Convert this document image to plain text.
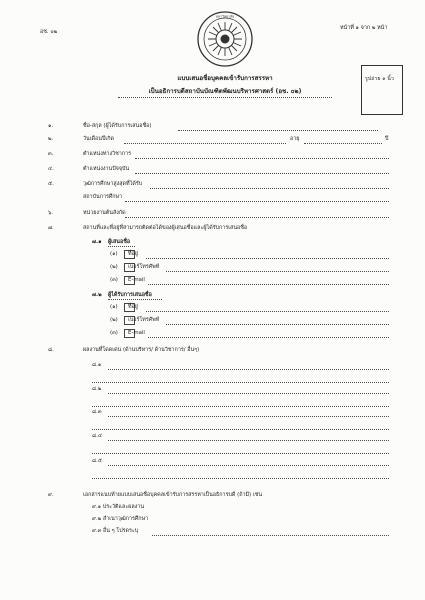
อช. ๐๒
หน้าที่ ๑ จาก ๒ หน้า
มหาวิทยาลัย
แบบเสนอชื่อบุคคลเข้ารับการสรรหา
เป็นอธิการบดีสถาบันบัณฑิตพัฒนบริหารศาสตร์ (อช. ๐๒)
รูปถ่าย ๑ นิ้ว
๑.	ชื่อ-สกุล (ผู้ได้รับการเสนอชื่อ)
๒.	วันเดือนปีเกิด	อายุ	ปี
๓.	ตำแหน่งทางวิชาการ
๔.	ตำแหน่งงานปัจจุบัน
๕.	วุฒิการศึกษาสูงสุดที่ได้รับ
สถาบันการศึกษา
๖.	หน่วยงานต้นสังกัด
๗.	สถานที่และที่อยู่ที่สามารถติดต่อได้ของผู้เสนอชื่อและผู้ได้รับการเสนอชื่อ
๗.๑ ผู้เสนอชื่อ
(๑) ที่อยู่
(๒) เบอร์โทรศัพท์
(๓) E-mail
๗.๒ ผู้ได้รับการเสนอชื่อ
(๑) ที่อยู่
(๒) เบอร์โทรศัพท์
(๓) E-mail
๘.	ผลงานที่โดดเด่น (ด้านบริหาร/ ด้านวิชาการ/ อื่นๆ)
๘.๑
๘.๒
๘.๓
๘.๔
๘.๕
๙.	เอกสารแนบท้ายแบบเสนอชื่อบุคคลเข้ารับการสรรหาเป็นอธิการบดี (ถ้ามี) เช่น
๙.๑ ประวัติและผลงาน
๙.๒ สำเนาวุฒิการศึกษา
๙.๓ อื่น ๆ โปรดระบุ
